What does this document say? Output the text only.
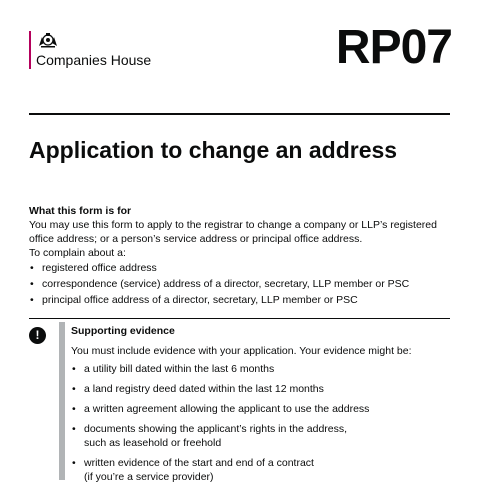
Companies House	RP07
Application to change an address
What this form is for

You may use this form to apply to the registrar to change a company or LLP’s registered office address; or a person’s service address or principal office address.

To complain about a:

• registered office address
• correspondence (service) address of a director, secretary, LLP member or PSC
• principal office address of a director, secretary, LLP member or PSC
!	Supporting evidence

You must include evidence with your application. Your evidence might be:

• a utility bill dated within the last 6 months
• a land registry deed dated within the last 12 months
• a written agreement allowing the applicant to use the address
• documents showing the applicant’s rights in the address,
such as leasehold or freehold
• written evidence of the start and end of a contract
(if you’re a service provider)
